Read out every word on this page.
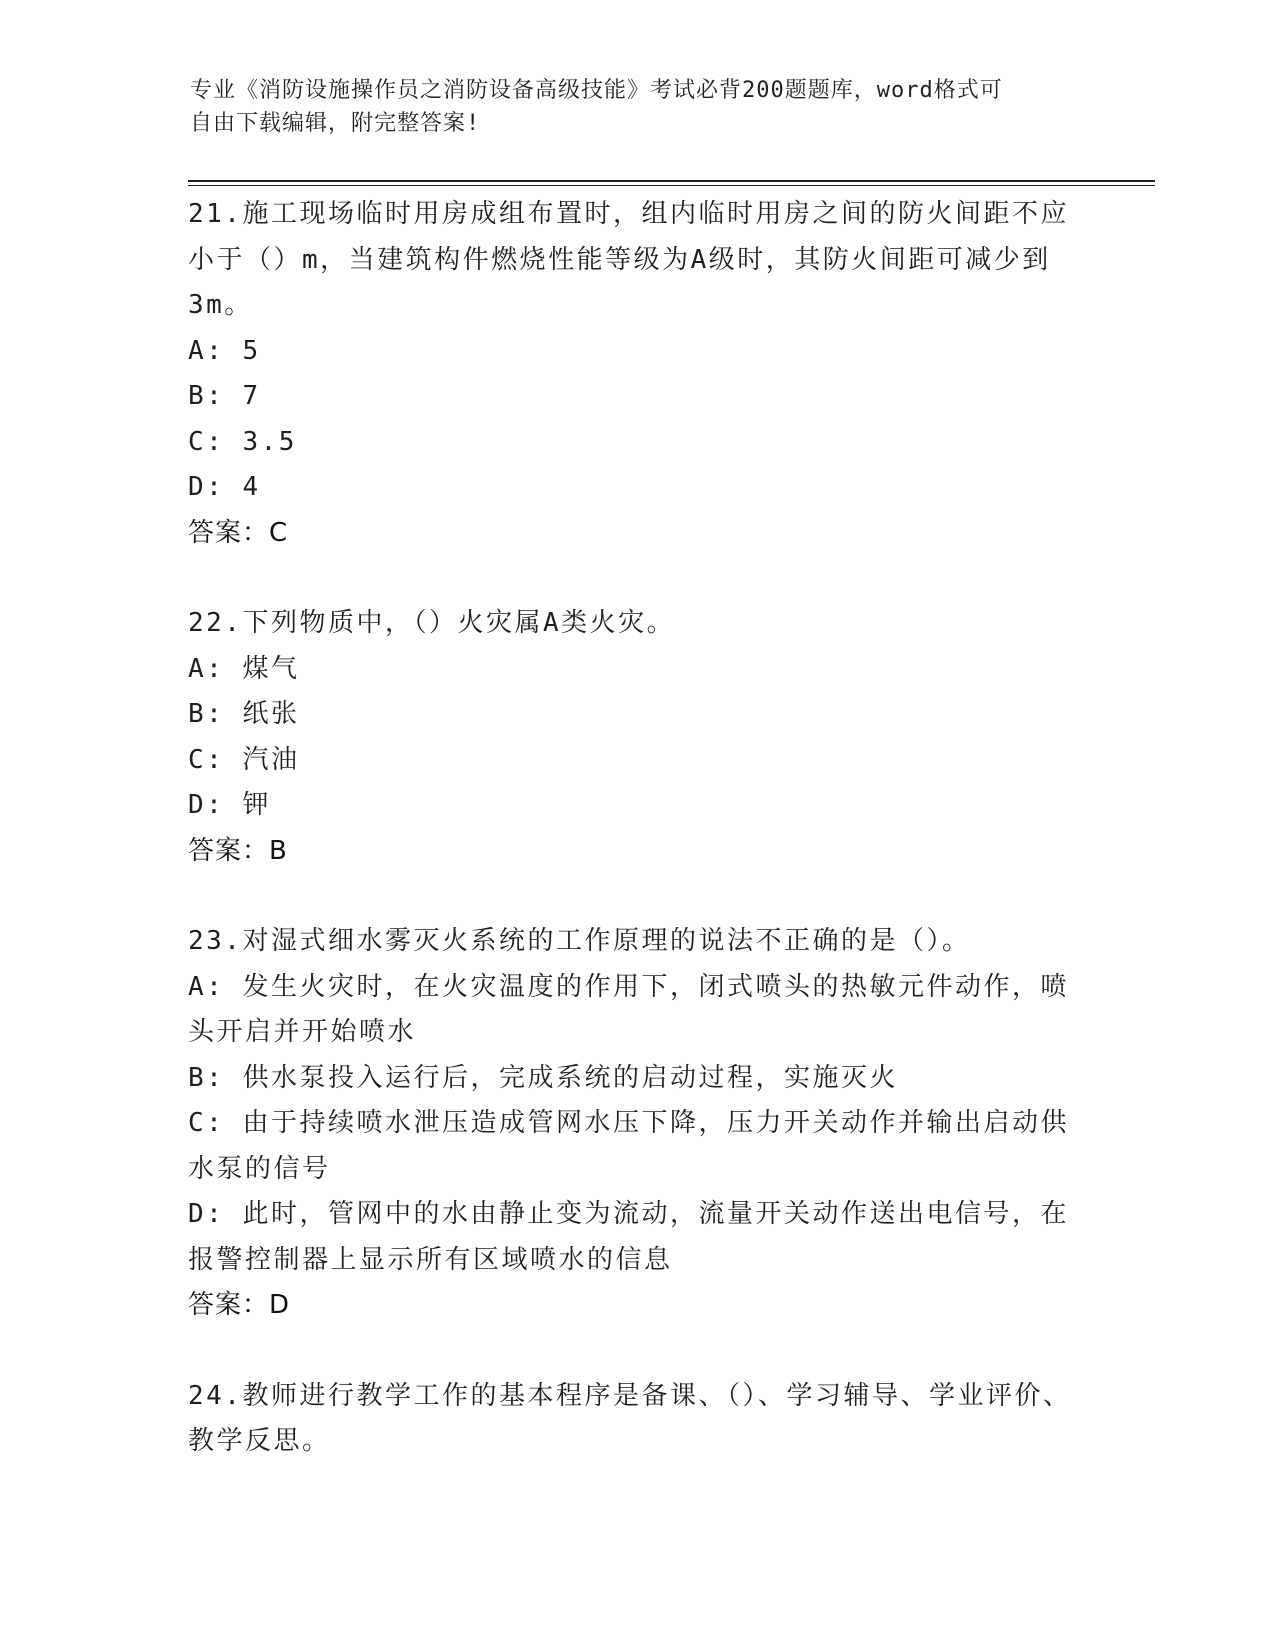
专业《消防设施操作员之消防设备高级技能》考试必背200题题库，word格式可
自由下载编辑，附完整答案!
21.施工现场临时用房成组布置时，组内临时用房之间的防火间距不应小于（）m，当建筑构件燃烧性能等级为A级时，其防火间距可减少到3m。
A: 5
B: 7
C: 3.5
D: 4
答案：C
22.下列物质中，（）火灾属A类火灾。
A: 煤气
B: 纸张
C: 汽油
D: 钾
答案：B
23.对湿式细水雾灭火系统的工作原理的说法不正确的是（）。
A: 发生火灾时，在火灾温度的作用下，闭式喷头的热敏元件动作，喷头开启并开始喷水
B: 供水泵投入运行后，完成系统的启动过程，实施灭火
C: 由于持续喷水泄压造成管网水压下降，压力开关动作并输出启动供水泵的信号
D: 此时，管网中的水由静止变为流动，流量开关动作送出电信号，在报警控制器上显示所有区域喷水的信息
答案：D
24.教师进行教学工作的基本程序是备课、（）、学习辅导、学业评价、教学反思。
